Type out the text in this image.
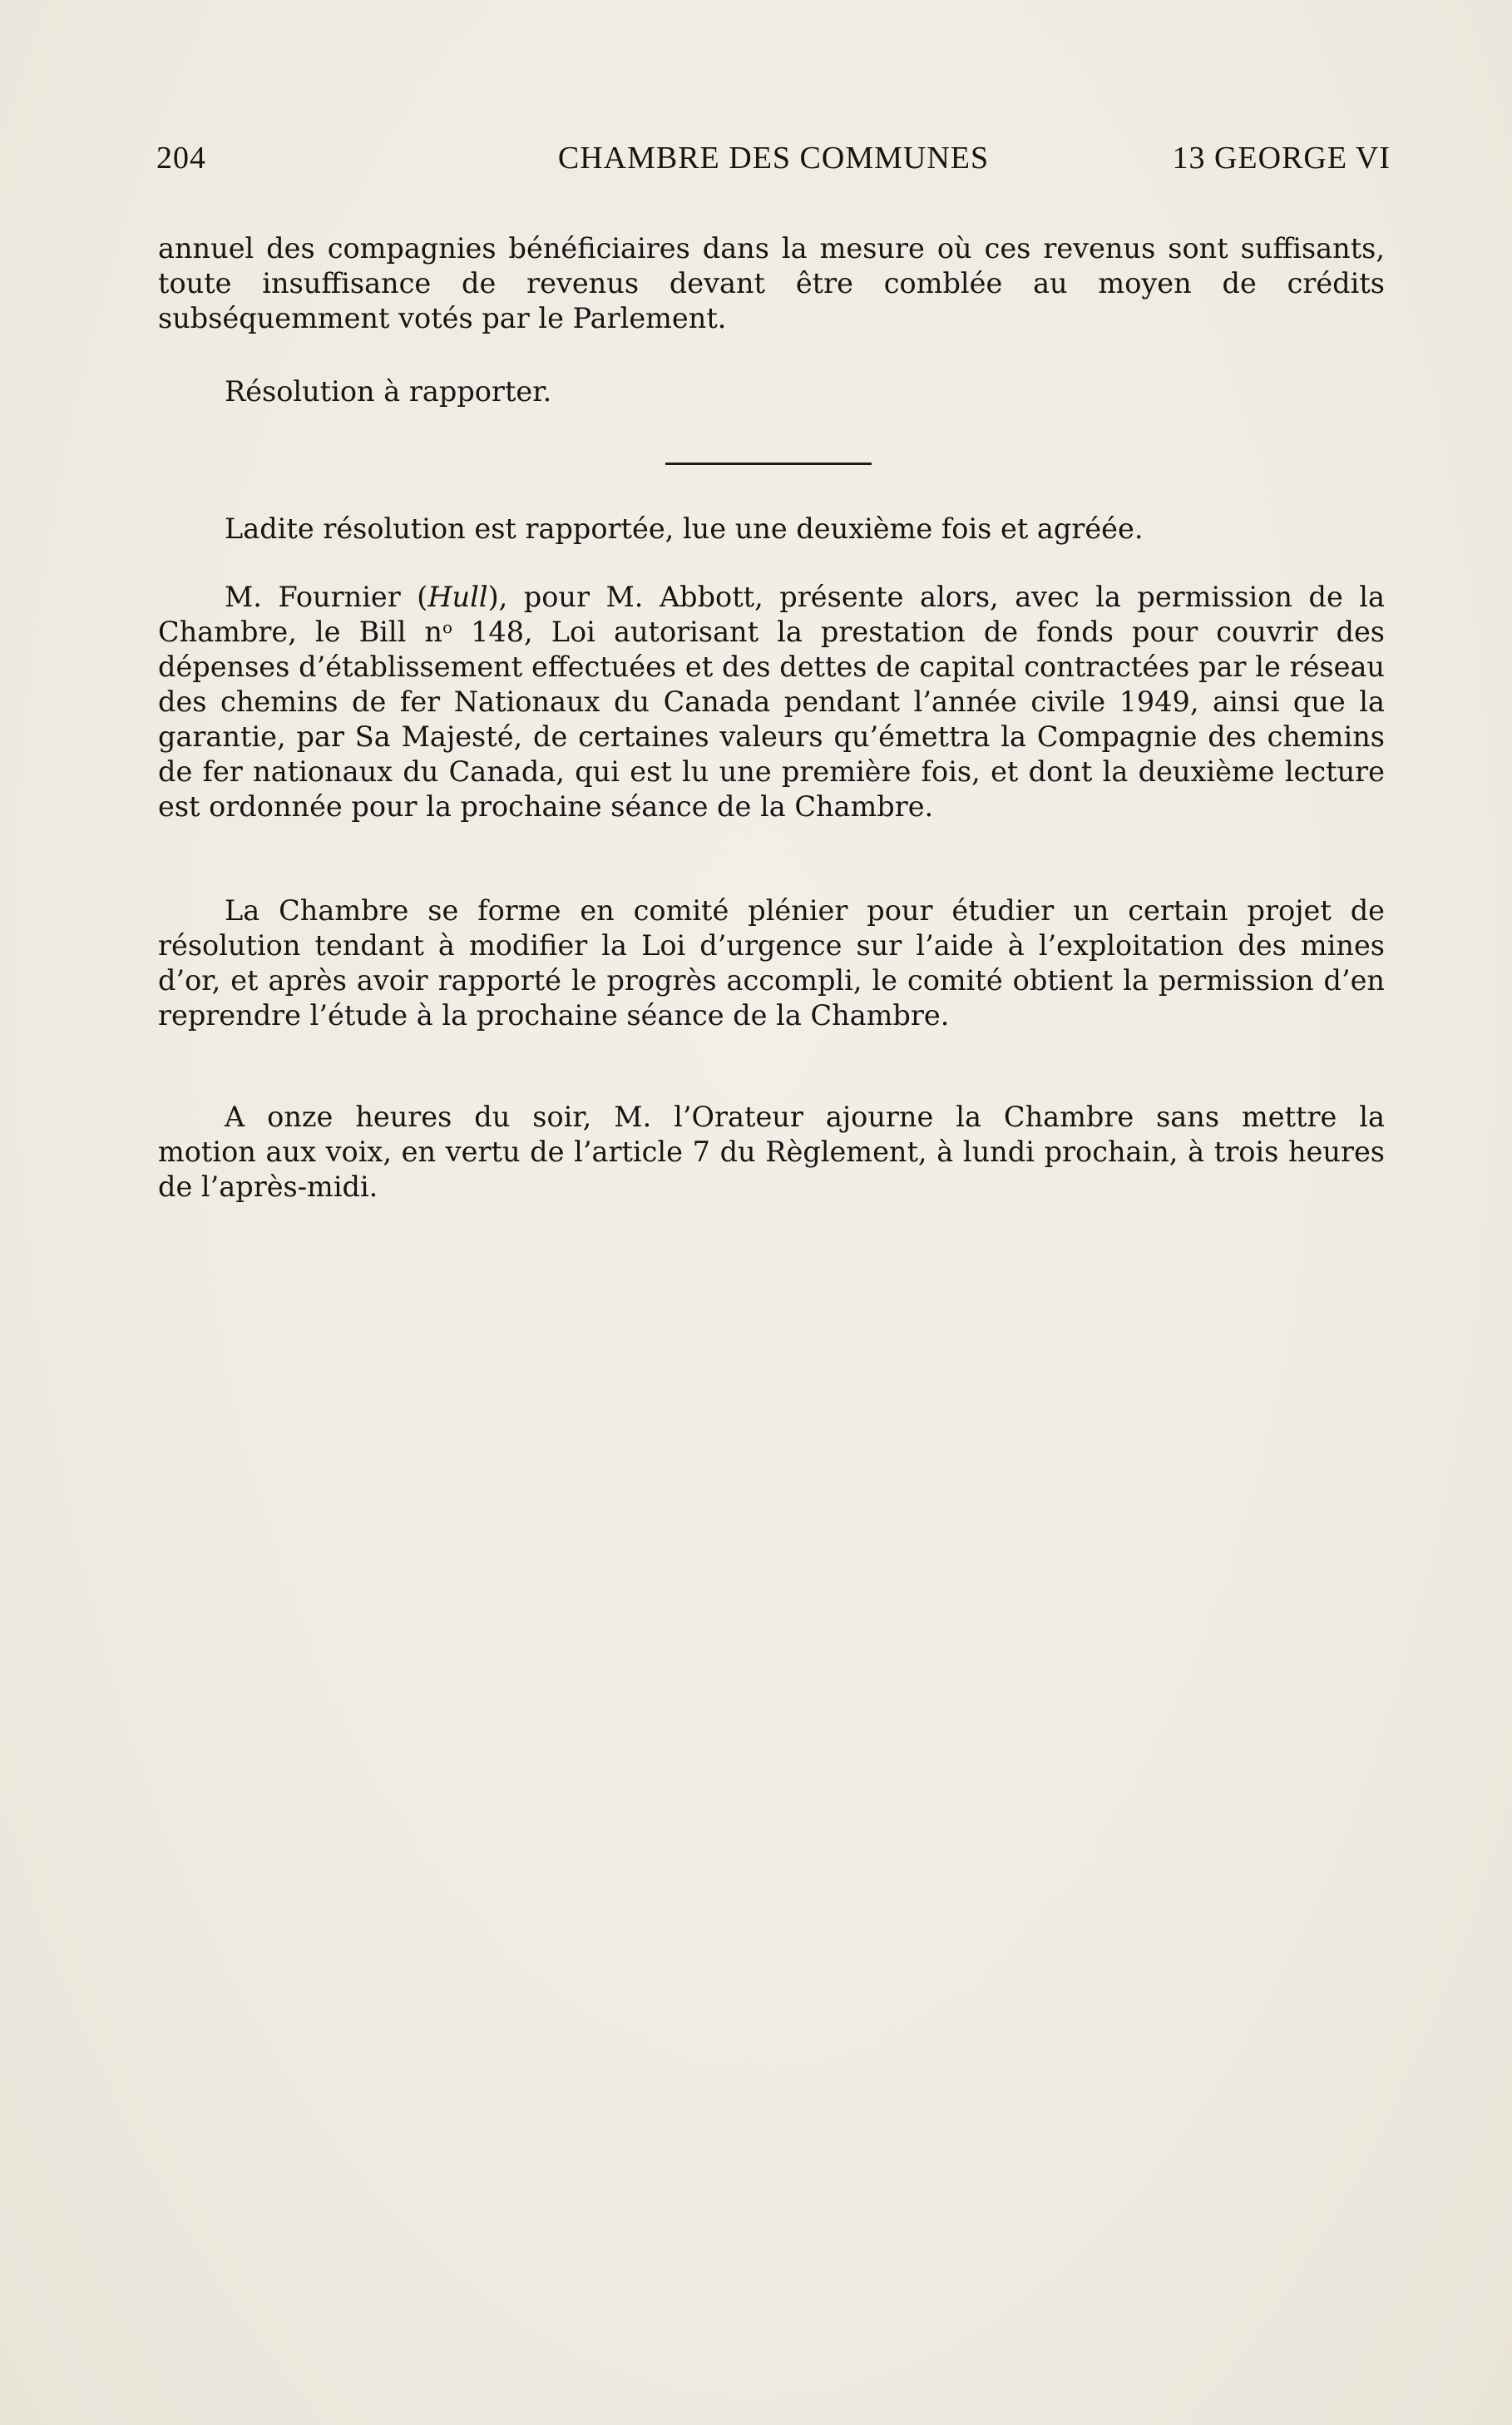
204	CHAMBRE DES COMMUNES	13 GEORGE VI

annuel des compagnies bénéficiaires dans la mesure où ces revenus sont suffisants, toute insuffisance de revenus devant être comblée au moyen de crédits subséquemment votés par le Parlement.

Résolution à rapporter.

Ladite résolution est rapportée, lue une deuxième fois et agréée.

M. Fournier (Hull), pour M. Abbott, présente alors, avec la permission de la Chambre, le Bill $n^o$ 148, Loi autorisant la prestation de fonds pour couvrir des dépenses d’établissement effectuées et des dettes de capital contractées par le réseau des chemins de fer Nationaux du Canada pendant l’année civile 1949, ainsi que la garantie, par Sa Majesté, de certaines valeurs qu’émettra la Compagnie des chemins de fer nationaux du Canada, qui est lu une première fois, et dont la deuxième lecture est ordonnée pour la prochaine séance de la Chambre.

La Chambre se forme en comité plénier pour étudier un certain projet de résolution tendant à modifier la Loi d’urgence sur l’aide à l’exploitation des mines d’or, et après avoir rapporté le progrès accompli, le comité obtient la permission d’en reprendre l’étude à la prochaine séance de la Chambre.

A onze heures du soir, M. l’Orateur ajourne la Chambre sans mettre la
motion aux voix, en vertu de l’article 7 du Règlement, à lundi prochain, à trois heures de l’après-midi.
